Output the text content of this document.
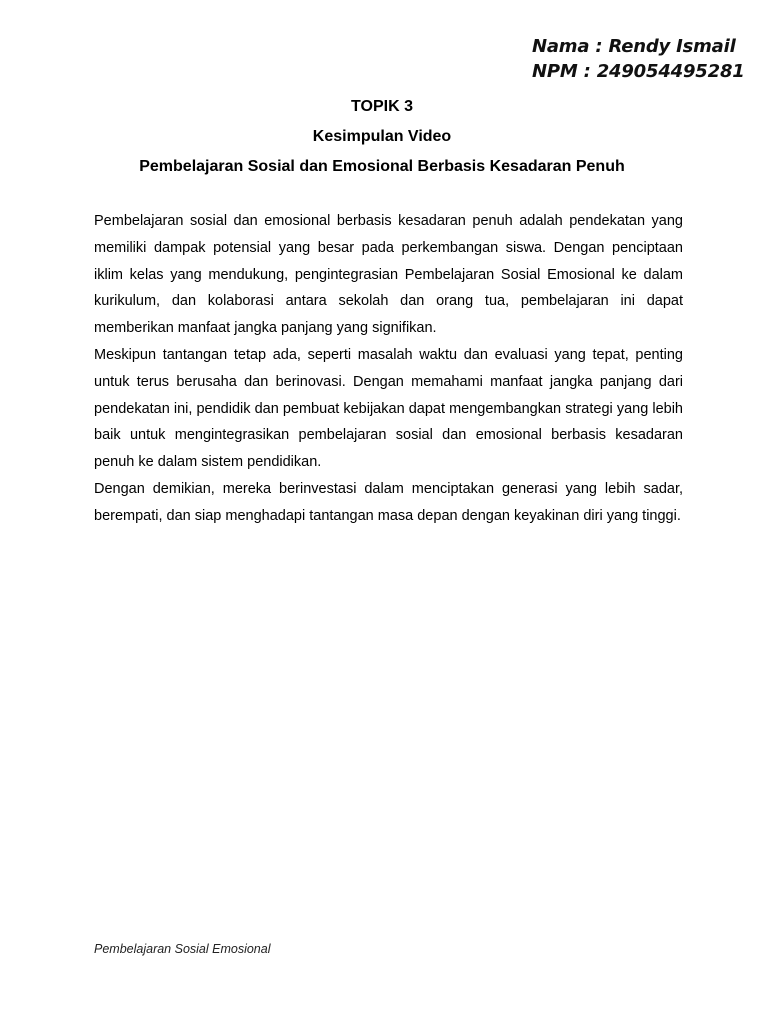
Nama : Rendy Ismail
NPM : 249054495281
TOPIK 3
Kesimpulan Video
Pembelajaran Sosial dan Emosional Berbasis Kesadaran Penuh

Pembelajaran sosial dan emosional berbasis kesadaran penuh adalah pendekatan yang memiliki dampak potensial yang besar pada perkembangan siswa. Dengan penciptaan iklim kelas yang mendukung, pengintegrasian Pembelajaran Sosial Emosional ke dalam kurikulum, dan kolaborasi antara sekolah dan orang tua, pembelajaran ini dapat memberikan manfaat jangka panjang yang signifikan.

Meskipun tantangan tetap ada, seperti masalah waktu dan evaluasi yang tepat, penting untuk terus berusaha dan berinovasi. Dengan memahami manfaat jangka panjang dari pendekatan ini, pendidik dan pembuat kebijakan dapat mengembangkan strategi yang lebih baik untuk mengintegrasikan pembelajaran sosial dan emosional berbasis kesadaran penuh ke dalam sistem pendidikan.

Dengan demikian, mereka berinvestasi dalam menciptakan generasi yang lebih sadar, berempati, dan siap menghadapi tantangan masa depan dengan keyakinan diri yang tinggi.

Pembelajaran Sosial Emosional
